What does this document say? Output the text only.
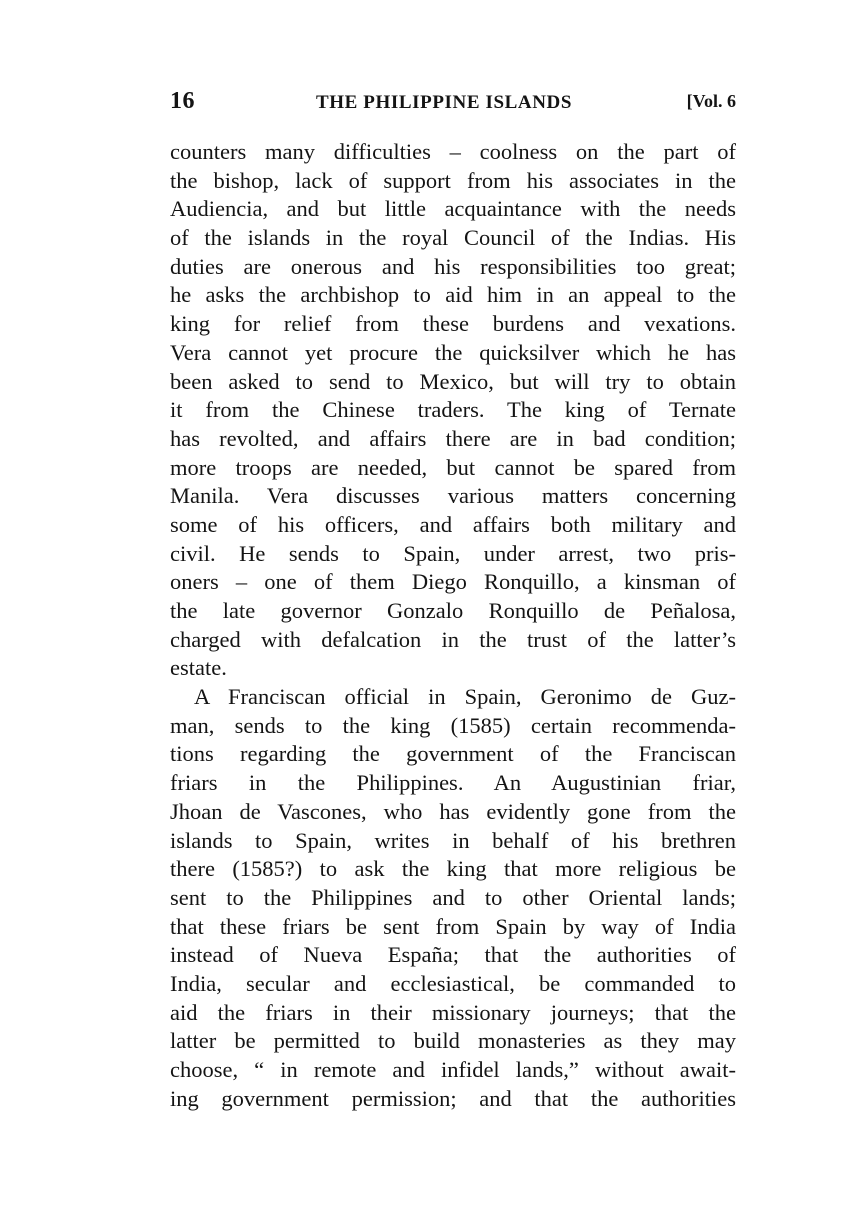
16	THE PHILIPPINE ISLANDS	[Vol. 6
counters many difficulties – coolness on the part of
the bishop, lack of support from his associates in the
Audiencia, and but little acquaintance with the needs
of the islands in the royal Council of the Indias. His
duties are onerous and his responsibilities too great;
he asks the archbishop to aid him in an appeal to the
king for relief from these burdens and vexations.
Vera cannot yet procure the quicksilver which he has
been asked to send to Mexico, but will try to obtain
it from the Chinese traders. The king of Ternate
has revolted, and affairs there are in bad condition;
more troops are needed, but cannot be spared from
Manila. Vera discusses various matters concerning
some of his officers, and affairs both military and
civil. He sends to Spain, under arrest, two pris-
oners – one of them Diego Ronquillo, a kinsman of
the late governor Gonzalo Ronquillo de Peñalosa,
charged with defalcation in the trust of the latter’s
estate.
A Franciscan official in Spain, Geronimo de Guz-
man, sends to the king (1585) certain recommenda-
tions regarding the government of the Franciscan
friars in the Philippines. An Augustinian friar,
Jhoan de Vascones, who has evidently gone from the
islands to Spain, writes in behalf of his brethren
there (1585?) to ask the king that more religious be
sent to the Philippines and to other Oriental lands;
that these friars be sent from Spain by way of India
instead of Nueva España; that the authorities of
India, secular and ecclesiastical, be commanded to
aid the friars in their missionary journeys; that the
latter be permitted to build monasteries as they may
choose, “ in remote and infidel lands,” without await-
ing government permission; and that the authorities
